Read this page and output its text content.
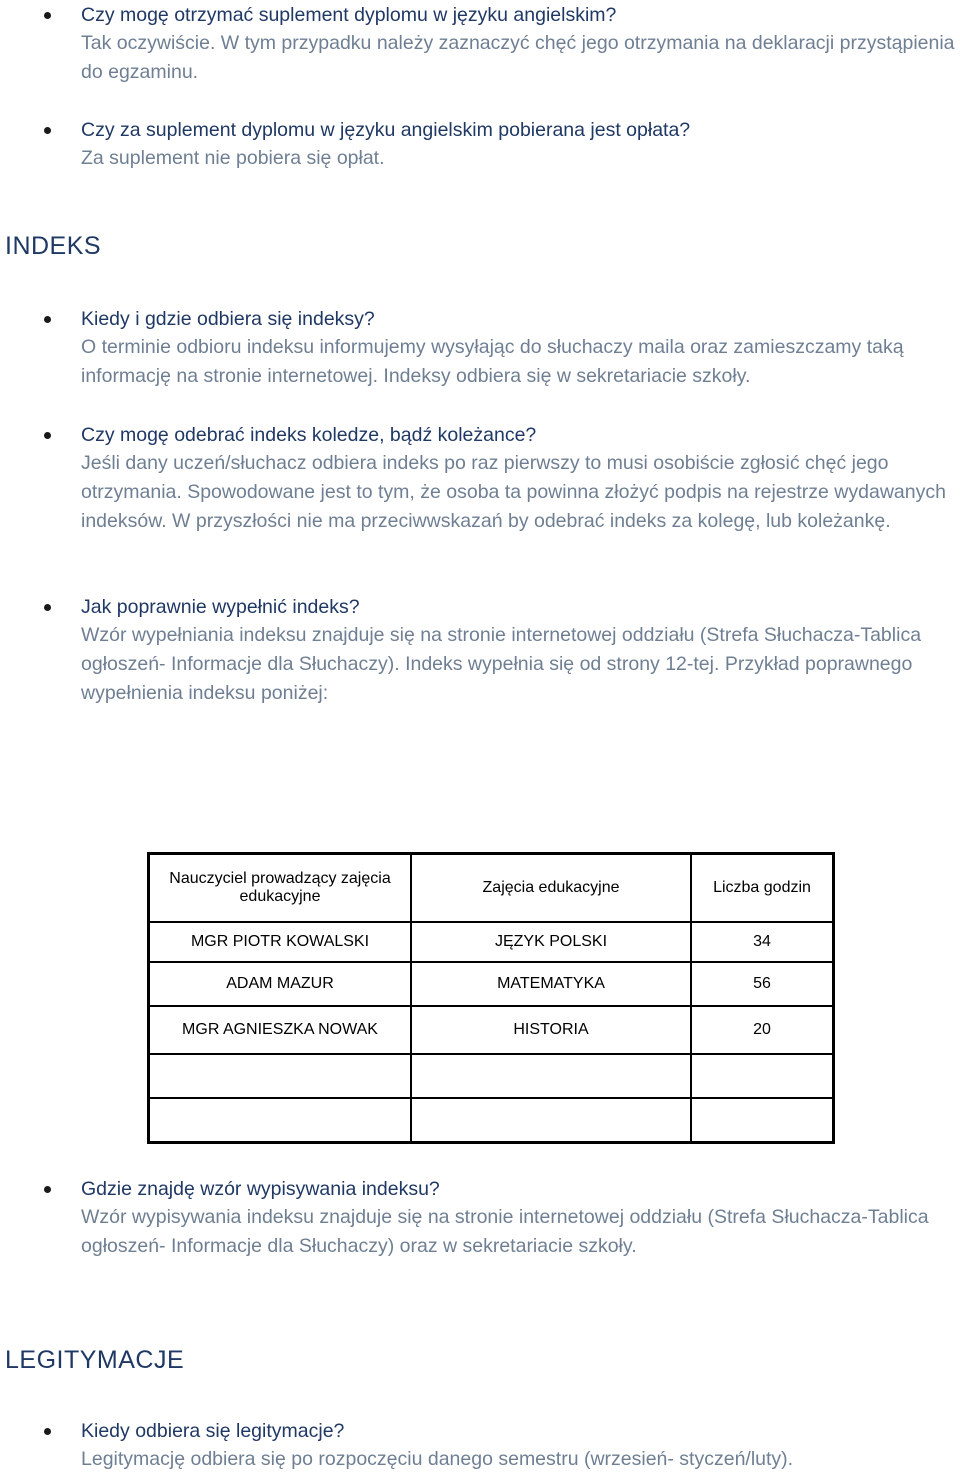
Czy mogę otrzymać suplement dyplomu w języku angielskim?

Tak oczywiście. W tym przypadku należy zaznaczyć chęć jego otrzymania na deklaracji przystąpienia do egzaminu.

Czy za suplement dyplomu w języku angielskim pobierana jest opłata?

Za suplement nie pobiera się opłat.

INDEKS

Kiedy i gdzie odbiera się indeksy?

O terminie odbioru indeksu informujemy wysyłając do słuchaczy maila oraz zamieszczamy taką informację na stronie internetowej. Indeksy odbiera się w sekretariacie szkoły.

Czy mogę odebrać indeks koledze, bądź koleżance?

Jeśli dany uczeń/słuchacz odbiera indeks po raz pierwszy to musi osobiście zgłosić chęć jego otrzymania. Spowodowane jest to tym, że osoba ta powinna złożyć podpis na rejestrze wydawanych indeksów. W przyszłości nie ma przeciwwskazań by odebrać indeks za kolegę, lub koleżankę.

Jak poprawnie wypełnić indeks?

Wzór wypełniania indeksu znajduje się na stronie internetowej oddziału (Strefa Słuchacza-Tablica ogłoszeń- Informacje dla Słuchaczy). Indeks wypełnia się od strony 12-tej. Przykład poprawnego wypełnienia indeksu poniżej:

Nauczyciel prowadzący zajęcia edukacyjne	Zajęcia edukacyjne	Liczba godzin
MGR PIOTR KOWALSKI	JĘZYK POLSKI	34
ADAM MAZUR	MATEMATYKA	56
MGR AGNIESZKA NOWAK	HISTORIA	20

Gdzie znajdę wzór wypisywania indeksu?

Wzór wypisywania indeksu znajduje się na stronie internetowej oddziału (Strefa Słuchacza-Tablica ogłoszeń- Informacje dla Słuchaczy) oraz w sekretariacie szkoły.

LEGITYMACJE

Kiedy odbiera się legitymacje?

Legitymację odbiera się po rozpoczęciu danego semestru (wrzesień- styczeń/luty).
